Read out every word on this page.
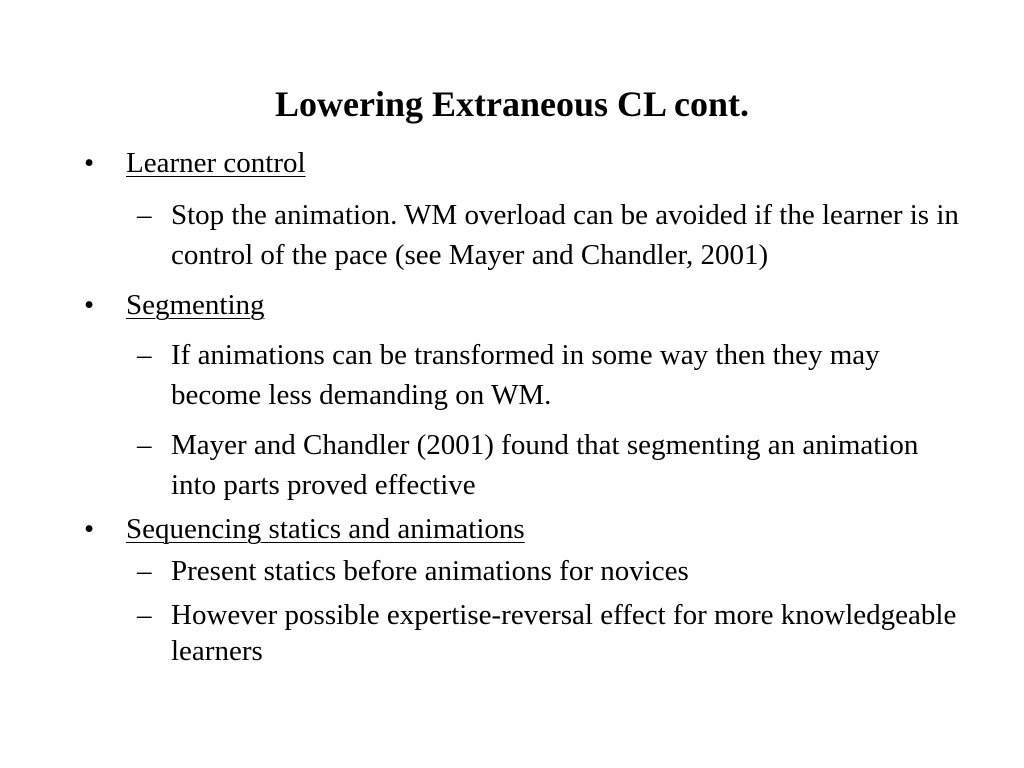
Lowering Extraneous CL cont.
• Learner control
– Stop the animation. WM overload can be avoided if the learner is in control of the pace (see Mayer and Chandler, 2001)
• Segmenting
– If animations can be transformed in some way then they may become less demanding on WM.
– Mayer and Chandler (2001) found that segmenting an animation into parts proved effective
• Sequencing statics and animations
– Present statics before animations for novices
– However possible expertise-reversal effect for more knowledgeable learners
